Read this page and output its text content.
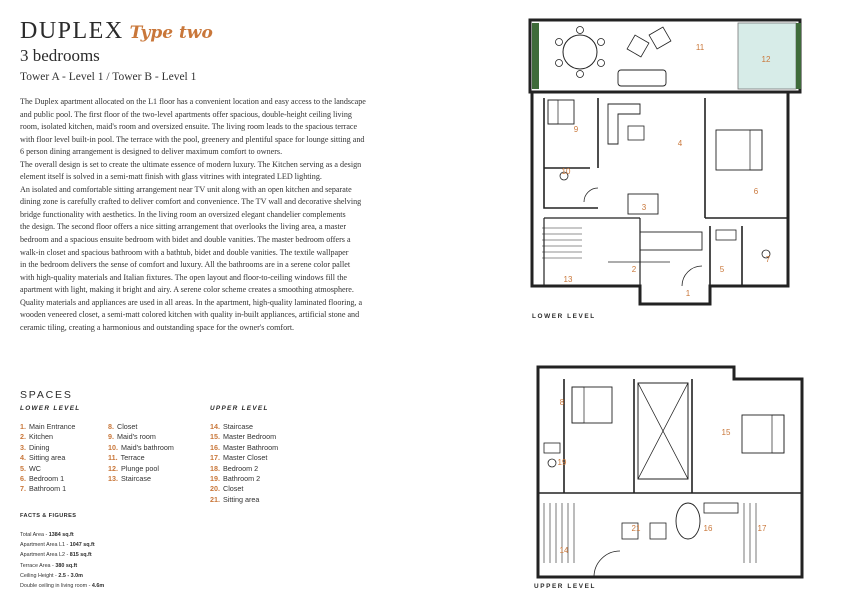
DUPLEX Type two
3 bedrooms
Tower A - Level 1 / Tower B - Level 1

The Duplex apartment allocated on the L1 floor has a convenient location and easy access to the landscape

and public pool. The first floor of the two-level apartments offer spacious, double-height ceiling living

room, isolated kitchen, maid's room and oversized ensuite. The living room leads to the spacious terrace

with floor level built-in pool. The terrace with the pool, greenery and plentiful space for lounge sitting and

6 person dining arrangement is designed to deliver maximum comfort to owners.

The overall design is set to create the ultimate essence of modern luxury. The Kitchen serving as a design

element itself is solved in a semi-matt finish with glass vitrines with integrated LED lighting.

An isolated and comfortable sitting arrangement near TV unit along with an open kitchen and separate

dining zone is carefully crafted to deliver comfort and convenience. The TV wall and decorative shelving

bridge functionality with aesthetics. In the living room an oversized elegant chandelier complements

the design. The second floor offers a nice sitting arrangement that overlooks the living area, a master

bedroom and a spacious ensuite bedroom with bidet and double vanities. The master bedroom offers a

walk-in closet and spacious bathroom with a bathtub, bidet and double vanities. The textile wallpaper

in the bedroom delivers the sense of comfort and luxury. All the bathrooms are in a serene color pallet

with high-quality materials and Italian fixtures. The open layout and floor-to-ceiling windows fill the

apartment with light, making it bright and airy. A serene color scheme creates a smoothing atmosphere.

Quality materials and appliances are used in all areas. In the apartment, high-quality laminated flooring, a

wooden veneered closet, a semi-matt colored kitchen with quality in-built appliances, artificial stone and

ceramic tiling, creating a harmonious and outstanding space for the owner's comfort.

SPACES
LOWER LEVEL	UPPER LEVEL
1. Main Entrance
2. Kitchen
3. Dining
4. Sitting area
5. WC
6. Bedroom 1
7. Bathroom 1
8. Closet
9. Maid's room
10. Maid's bathroom
11. Terrace
12. Plunge pool
13. Staircase
14. Staircase
15. Master Bedroom
16. Master Bathroom
17. Master Closet
18. Bedroom 2
19. Bathroom 2
20. Closet
21. Sitting area
FACTS & FIGURES
Total Area - 1384 sq.ft
Apartment Area L1 - 1047 sq.ft
Apartment Area L2 - 815 sq.ft
Terrace Area - 380 sq.ft
Ceiling Height - 2.5 - 3.0m
Double ceiling in living room - 4.6m
11
12
9
4
10
6
3
2	5
7
13
1
LOWER LEVEL
8
15
19
21	16	17
14
UPPER LEVEL
